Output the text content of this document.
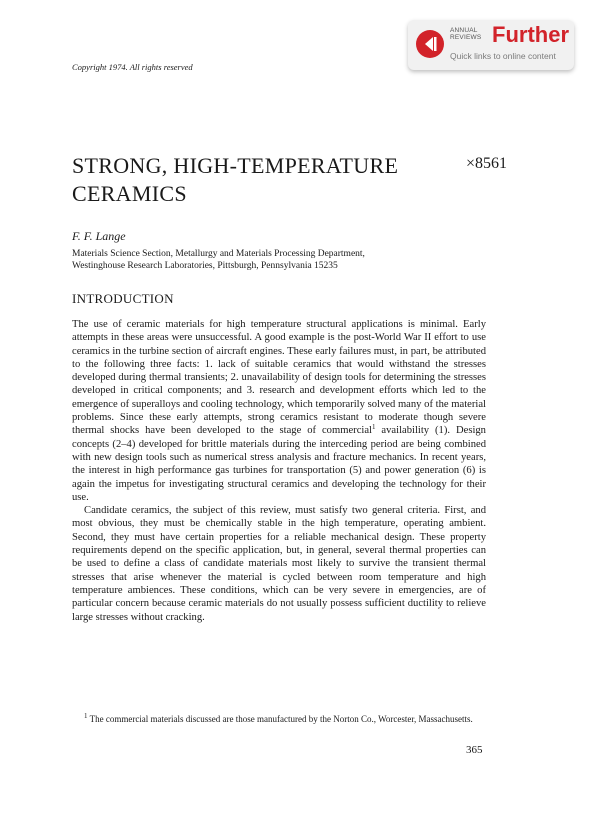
ANNUAL
REVIEWS Further
Quick links to online content
Copyright 1974. All rights reserved
STRONG, HIGH-TEMPERATURE
CERAMICS
×8561
F. F. Lange
Materials Science Section, Metallurgy and Materials Processing Department,
Westinghouse Research Laboratories, Pittsburgh, Pennsylvania 15235
INTRODUCTION

The use of ceramic materials for high temperature structural applications is minimal. Early attempts in these areas were unsuccessful. A good example is the post-World War II effort to use ceramics in the turbine section of aircraft engines. These early failures must, in part, be attributed to the following three facts: 1. lack of suitable ceramics that would withstand the stresses developed during thermal transients; 2. unavailability of design tools for determining the stresses developed in critical components; and 3. research and development efforts which led to the emergence of superalloys and cooling technology, which temporarily solved many of the material problems. Since these early attempts, strong ceramics resistant to moderate though severe thermal shocks have been developed to the stage of commercial$^1$ availability (1). Design concepts (2–4) developed for brittle materials during the interceding period are being combined with new design tools such as numerical stress analysis and fracture mechanics. In recent years, the interest in high performance gas turbines for transportation (5) and power generation (6) is again the impetus for investigating structural ceramics and developing the technology for their use.

Candidate ceramics, the subject of this review, must satisfy two general criteria. First, and most obvious, they must be chemically stable in the high temperature, operating ambient. Second, they must have certain properties for a reliable mechanical design. These property requirements depend on the specific application, but, in general, several thermal properties can be used to define a class of candidate materials most likely to survive the transient thermal stresses that arise whenever the material is cycled between room temperature and high temperature ambiences. These conditions, which can be very severe in emergencies, are of particular concern because ceramic materials do not usually possess sufficient ductility to relieve large stresses without cracking.

$^1$ The commercial materials discussed are those manufactured by the Norton Co., Worcester, Massachusetts.
365
